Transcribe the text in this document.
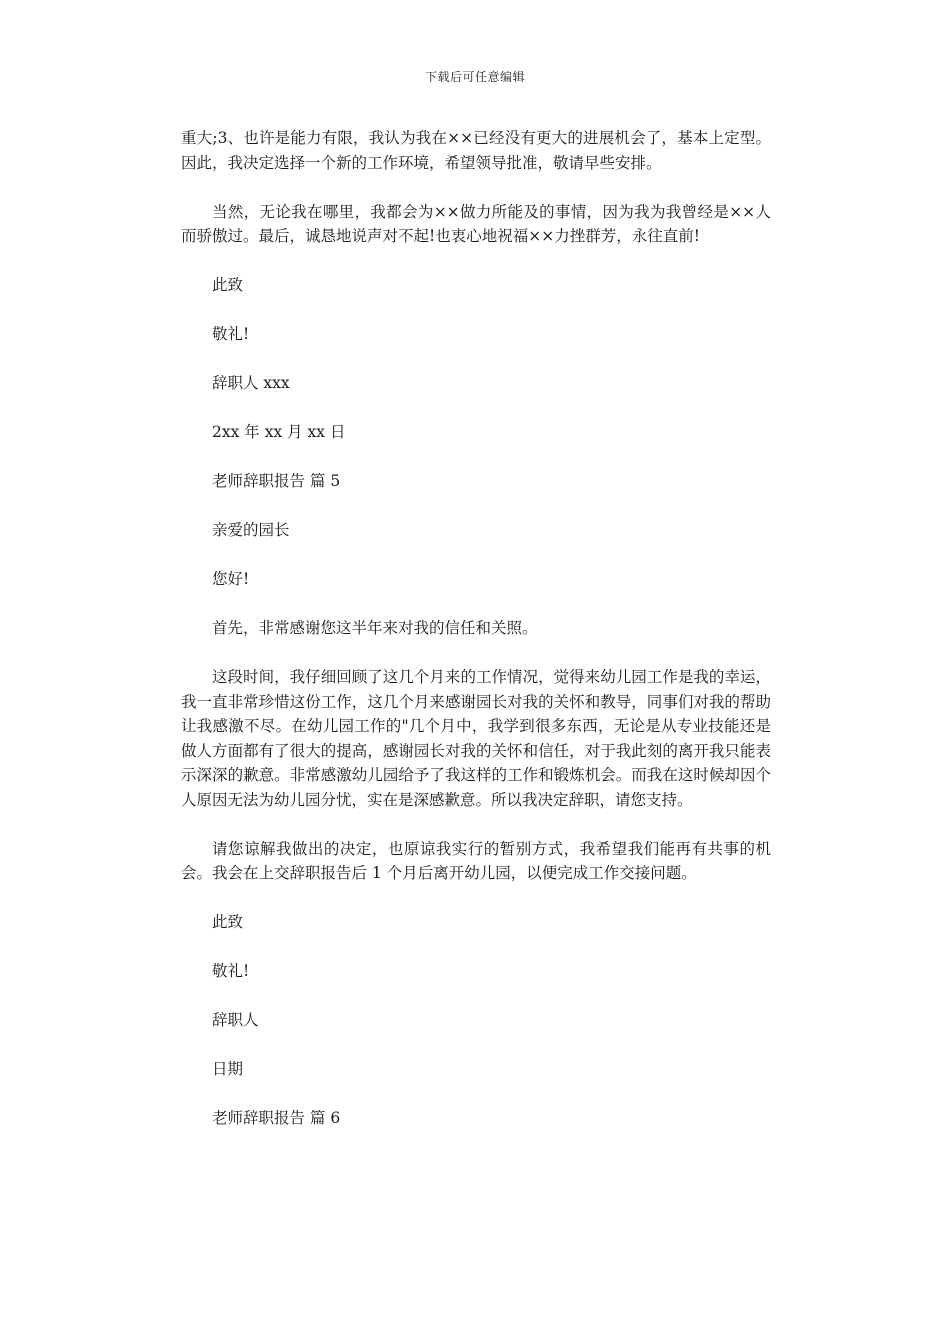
下载后可任意编辑

重大;3、也许是能力有限，我认为我在××已经没有更大的进展机会了，基本上定型。因此，我决定选择一个新的工作环境，希望领导批准，敬请早些安排。

当然，无论我在哪里，我都会为××做力所能及的事情，因为我为我曾经是××人而骄傲过。最后，诚恳地说声对不起!也衷心地祝福××力挫群芳，永往直前!

此致

敬礼!

辞职人 xxx

2xx 年 xx 月 xx 日

老师辞职报告 篇 5

亲爱的园长

您好!

首先，非常感谢您这半年来对我的信任和关照。

这段时间，我仔细回顾了这几个月来的工作情况，觉得来幼儿园工作是我的幸运，我一直非常珍惜这份工作，这几个月来感谢园长对我的关怀和教导，同事们对我的帮助让我感激不尽。在幼儿园工作的"几个月中，我学到很多东西，无论是从专业技能还是做人方面都有了很大的提高，感谢园长对我的关怀和信任，对于我此刻的离开我只能表示深深的歉意。非常感激幼儿园给予了我这样的工作和锻炼机会。而我在这时候却因个人原因无法为幼儿园分忧，实在是深感歉意。所以我决定辞职，请您支持。

请您谅解我做出的决定，也原谅我实行的暂别方式，我希望我们能再有共事的机会。我会在上交辞职报告后 1 个月后离开幼儿园，以便完成工作交接问题。

此致

敬礼!

辞职人

日期

老师辞职报告 篇 6
